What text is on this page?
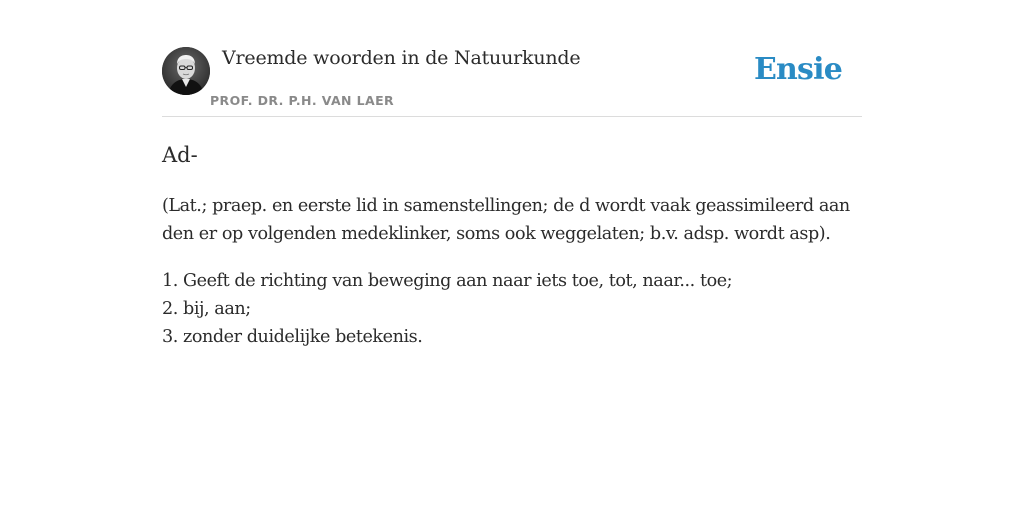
Vreemde woorden in de Natuurkunde
PROF. DR. P.H. VAN LAER
Ensie
Ad-

(Lat.; praep. en eerste lid in samenstellingen; de d wordt vaak geassimileerd aan den er op volgenden medeklinker, soms ook weggelaten; b.v. adsp. wordt asp).

1. Geeft de richting van beweging aan naar iets toe, tot, naar... toe;
2. bij, aan;
3. zonder duidelijke betekenis.
